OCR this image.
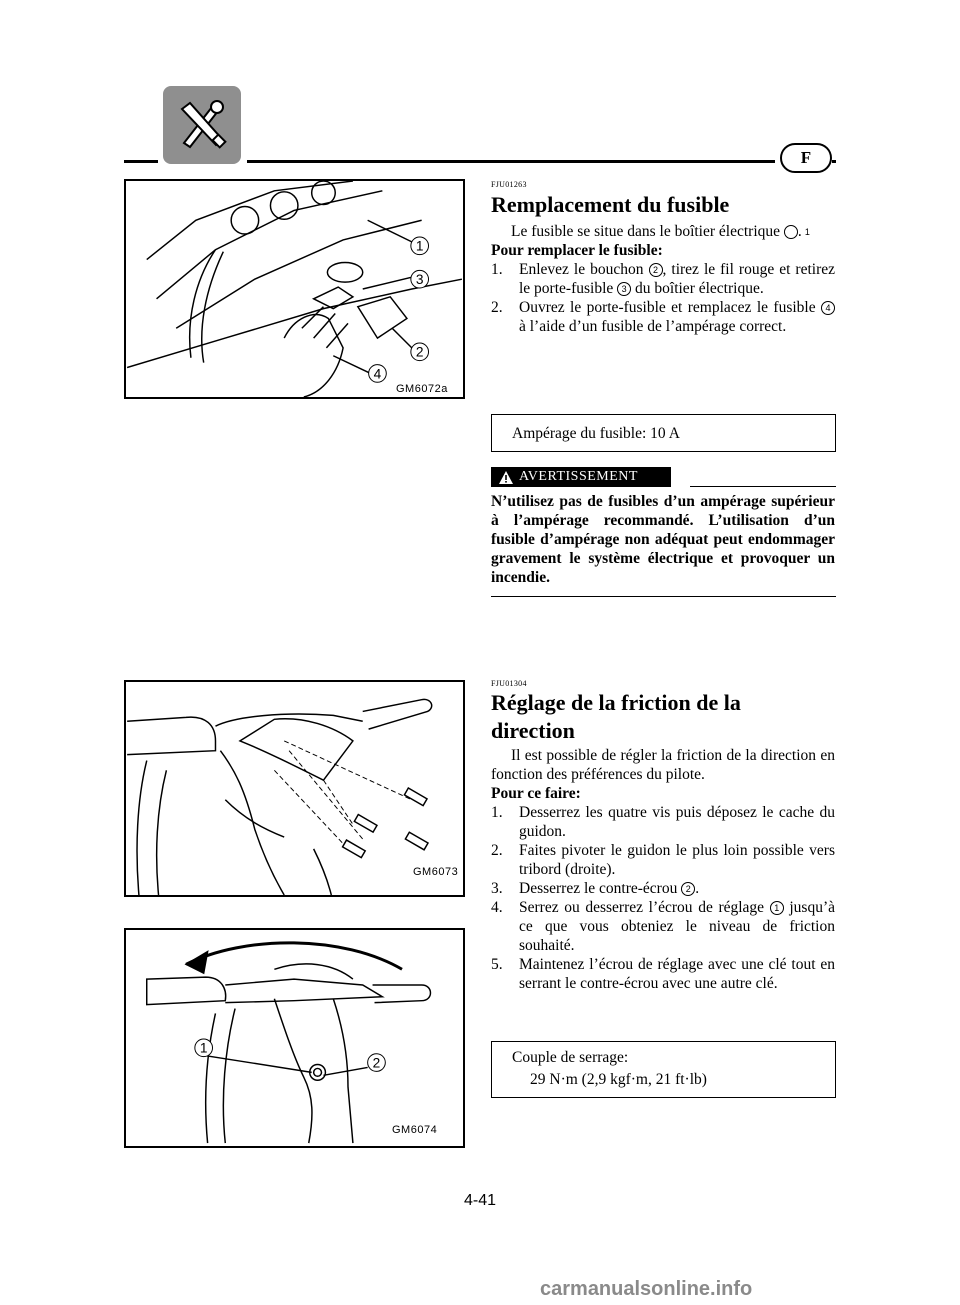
F
1
3
2
4
GM6072a
FJU01263
Remplacement du fusible

Le fusible se situe dans le boîtier électrique	1.

Pour remplacer le fusible:

1. Enlevez le bouchon 2 , tirez le fil rouge et retirez le porte-fusible 3 du boîtier électrique.
2. Ouvrez le porte-fusible et remplacez le fusible 4 à l’aide d’un fusible de l’ampérage correct.
Ampérage du fusible: 10 A
AVERTISSEMENT

N’utilisez pas de fusibles d’un ampérage supérieur à l’ampérage recommandé. L’utilisation d’un fusible d’ampérage non adéquat peut endommager gravement le système électrique et provoquer un incendie.

GM6073
1
2
GM6074
FJU01304
Réglage de la friction de la
direction

Il est possible de régler la friction de la direction en fonction des préférences du pilote.

Pour ce faire:

1. Desserrez les quatre vis puis déposez le cache du guidon.
2. Faites pivoter le guidon le plus loin possible vers tribord (droite).
3. Desserrez le contre-écrou 2 .
4. Serrez ou desserrez l’écrou de réglage 1 jusqu’à ce que vous obteniez le niveau de friction souhaité.
5. Maintenez l’écrou de réglage avec une clé tout en serrant le contre-écrou avec une autre clé.
Couple de serrage:
29 N·m (2,9 kgf·m, 21 ft·lb)
4-41
carmanualsonline.info
